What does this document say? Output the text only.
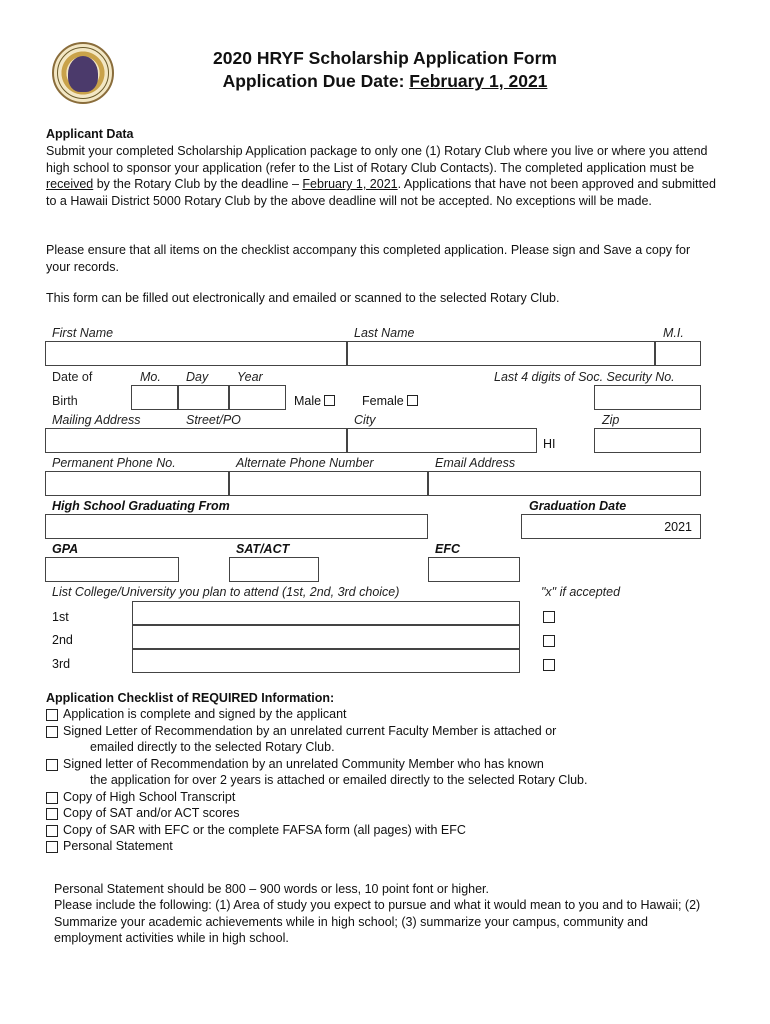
2020 HRYF Scholarship Application Form
Application Due Date: February 1, 2021
Applicant Data
Submit your completed Scholarship Application package to only one (1) Rotary Club where you live or where you attend high school to sponsor your application (refer to the List of Rotary Club Contacts). The completed application must be received by the Rotary Club by the deadline – February 1, 2021. Applications that have not been approved and submitted to a Hawaii District 5000 Rotary Club by the above deadline will not be accepted. No exceptions will be made.
Please ensure that all items on the checklist accompany this completed application. Please sign and Save a copy for your records.
This form can be filled out electronically and emailed or scanned to the selected Rotary Club.
First Name	Last Name	M.I.
Date of
Birth
Mo. Day Year
Male	Female
Last 4 digits of Soc. Security No.
Mailing Address	Street/PO	City	Zip
HI
Permanent Phone No.	Alternate Phone Number	Email Address
High School Graduating From	Graduation Date
2021
GPA	SAT/ACT	EFC
List College/University you plan to attend (1st, 2nd, 3rd choice)	"x" if accepted
1st
2nd
3rd
Application Checklist of REQUIRED Information:
Application is complete and signed by the applicant
Signed Letter of Recommendation by an unrelated current Faculty Member is attached or
emailed directly to the selected Rotary Club.
Signed letter of Recommendation by an unrelated Community Member who has known
the application for over 2 years is attached or emailed directly to the selected Rotary Club.
Copy of High School Transcript
Copy of SAT and/or ACT scores
Copy of SAR with EFC or the complete FAFSA form (all pages) with EFC
Personal Statement
Personal Statement should be 800 – 900 words or less, 10 point font or higher.
Please include the following: (1) Area of study you expect to pursue and what it would mean to you and to Hawaii; (2) Summarize your academic achievements while in high school; (3) summarize your campus, community and employment activities while in high school.
